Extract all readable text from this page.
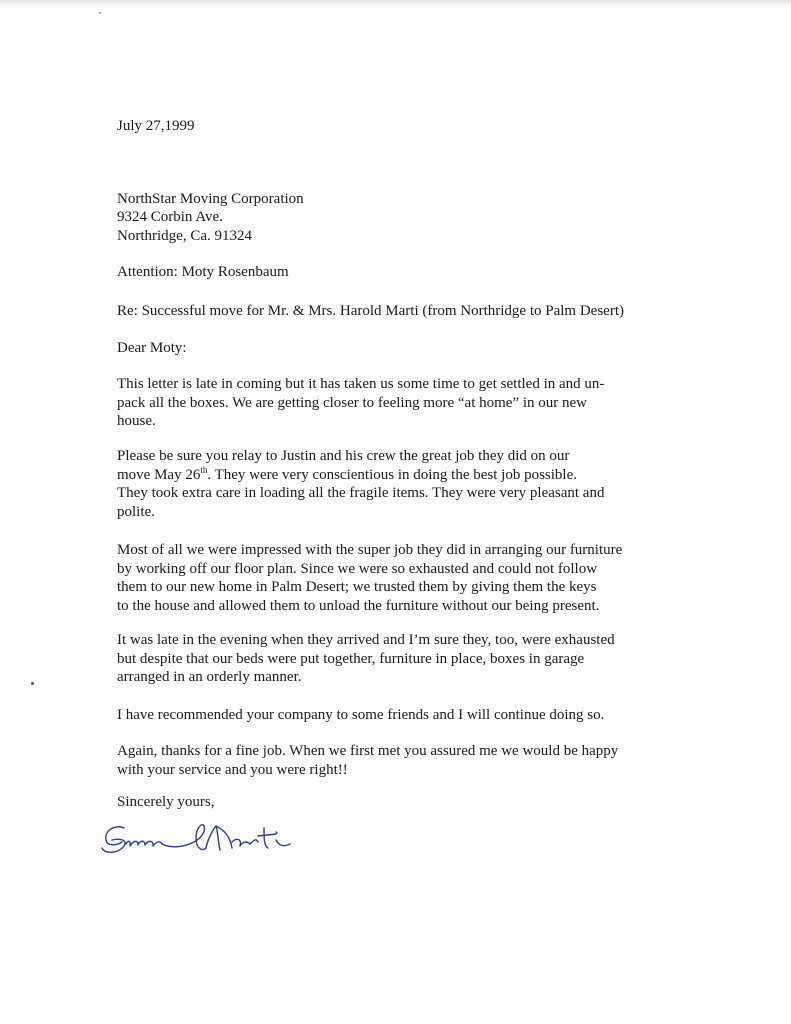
July 27,1999

NorthStar Moving Corporation

9324 Corbin Ave.

Northridge, Ca. 91324

Attention: Moty Rosenbaum

Re: Successful move for Mr. & Mrs. Harold Marti (from Northridge to Palm Desert)

Dear Moty:

This letter is late in coming but it has taken us some time to get settled in and un-
pack all the boxes. We are getting closer to feeling more “at home” in our new
house.
Please be sure you relay to Justin and his crew the great job they did on our
move May 26th. They were very conscientious in doing the best job possible.
They took extra care in loading all the fragile items. They were very pleasant and
polite.
Most of all we were impressed with the super job they did in arranging our furniture
by working off our floor plan. Since we were so exhausted and could not follow
them to our new home in Palm Desert; we trusted them by giving them the keys
to the house and allowed them to unload the furniture without our being present.
It was late in the evening when they arrived and I’m sure they, too, were exhausted
but despite that our beds were put together, furniture in place, boxes in garage
arranged in an orderly manner.
I have recommended your company to some friends and I will continue doing so.
Again, thanks for a fine job. When we first met you assured me we would be happy
with your service and you were right!!

Sincerely yours,
